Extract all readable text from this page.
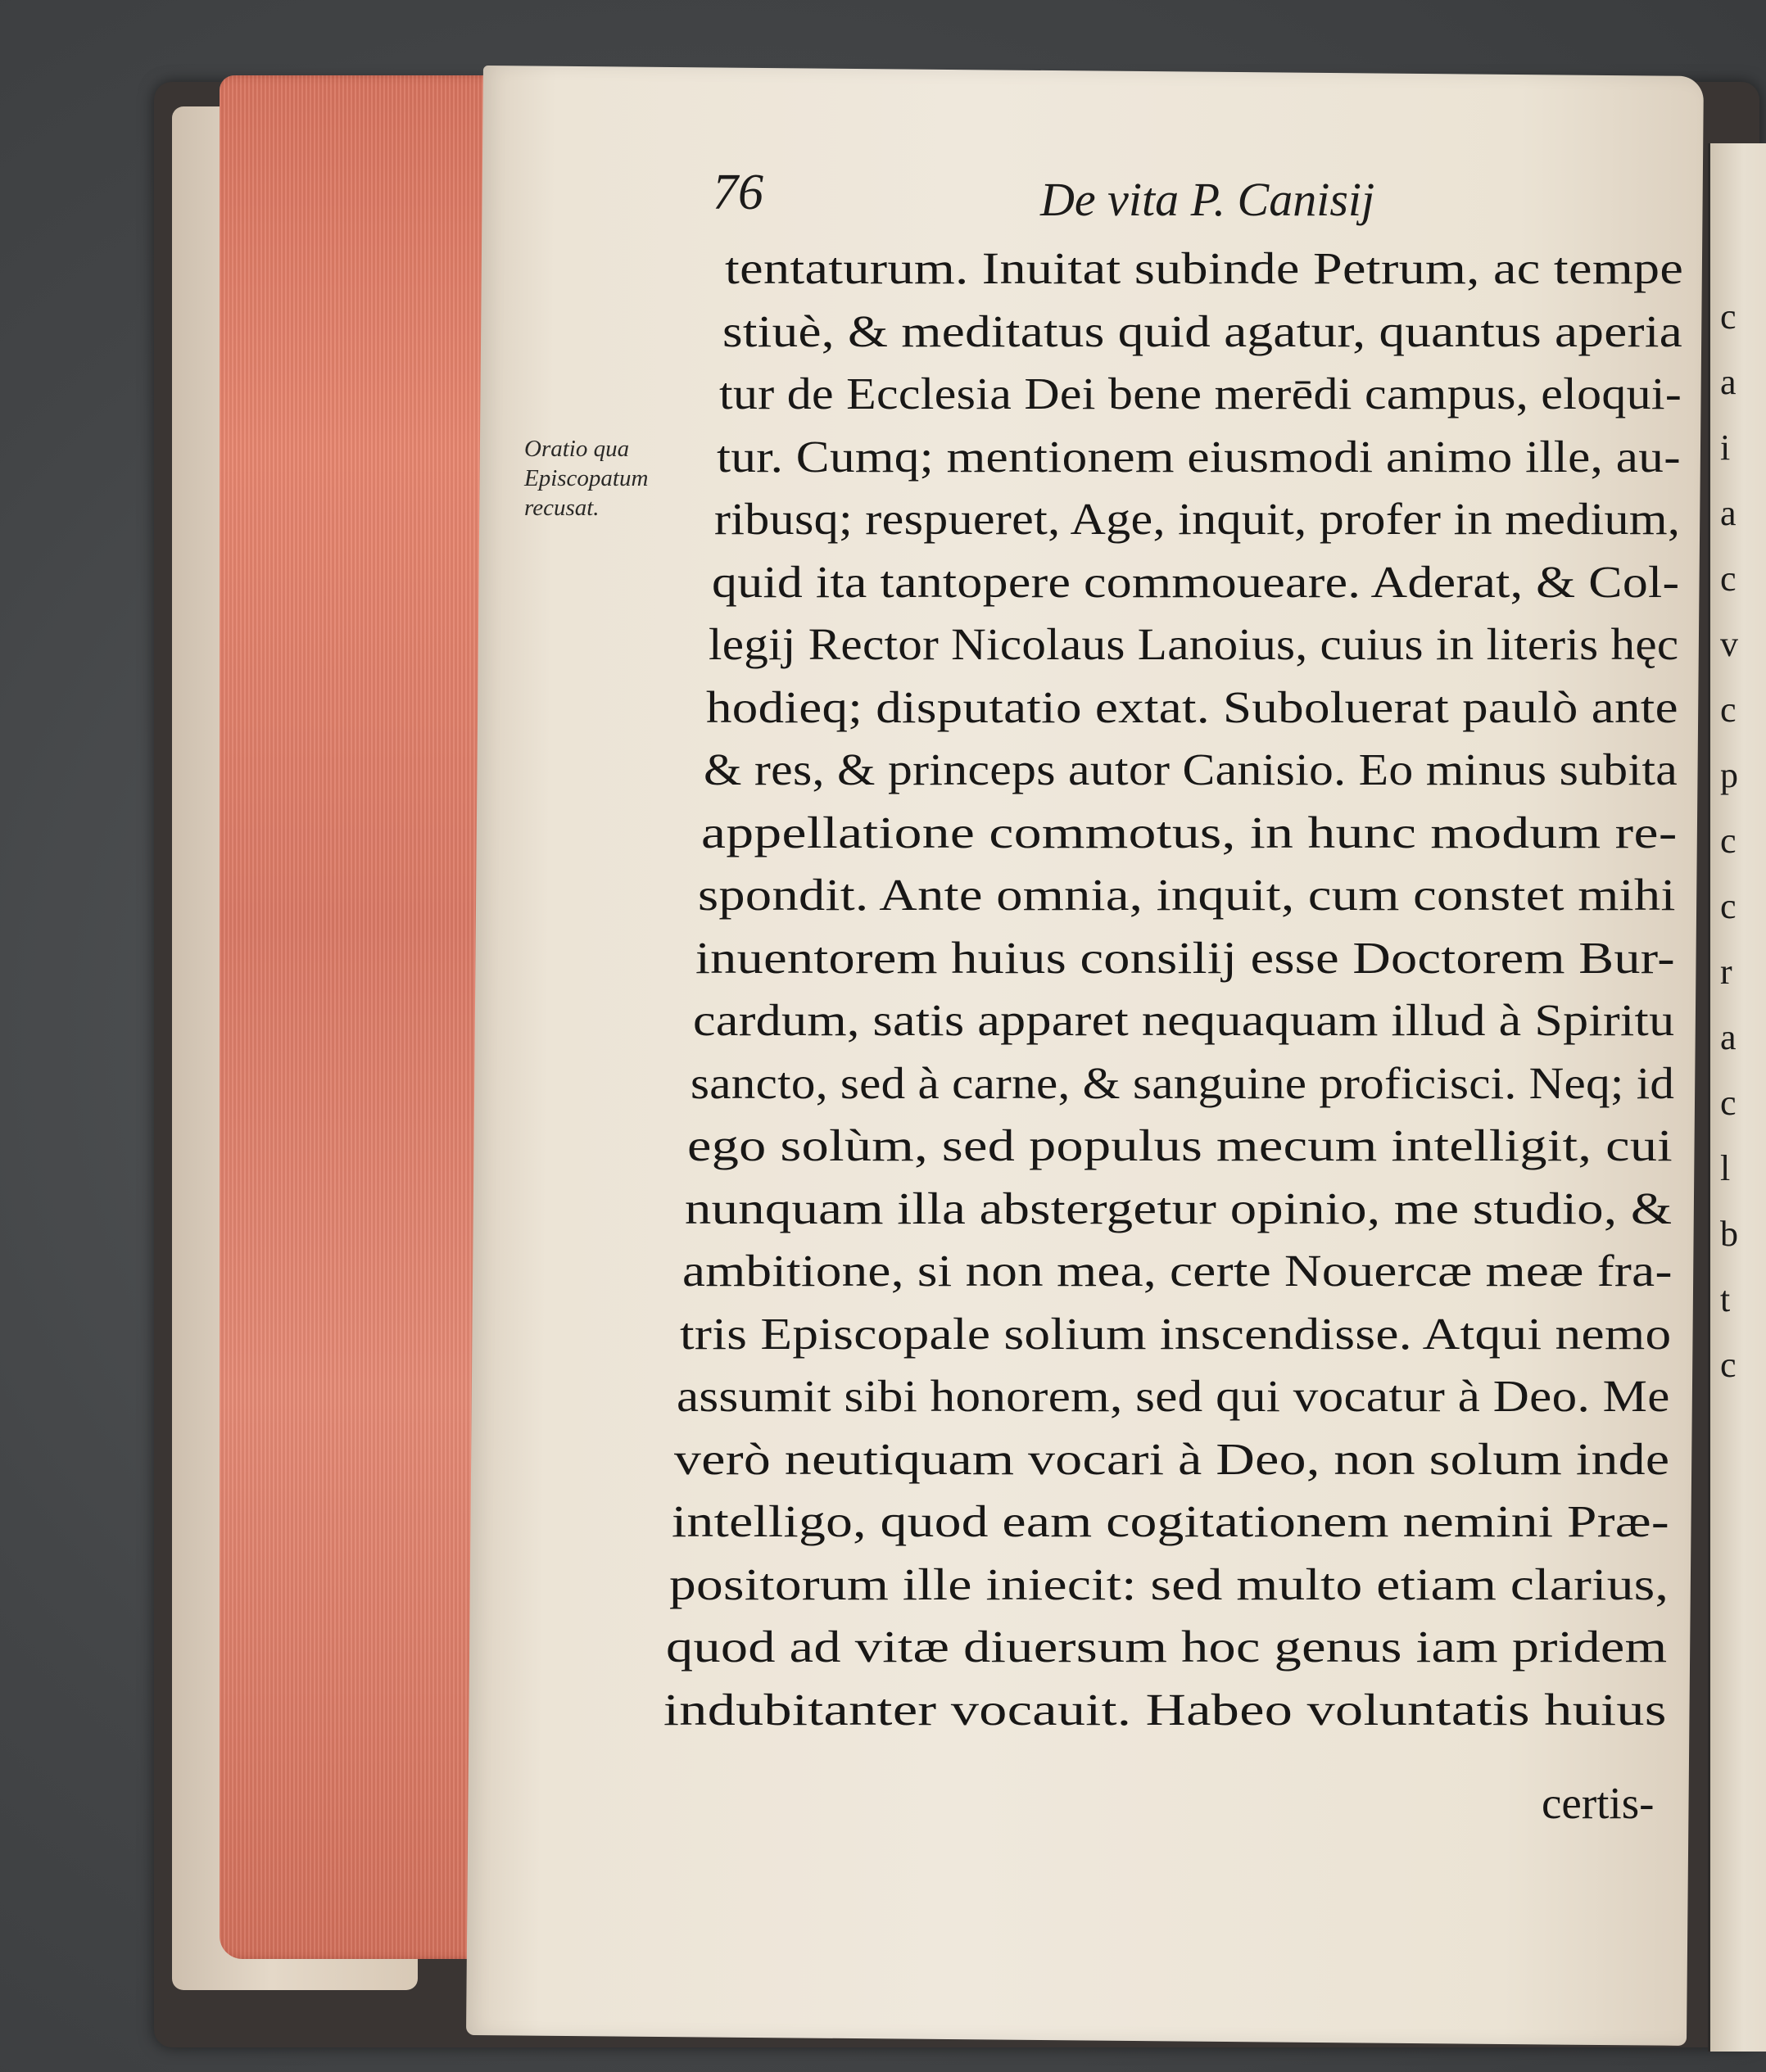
c
a
i
a
c
v
c
p
c
c
r
a
c
l
b
t
c
76	De vita P. Canisij
Oratio qua
Episcopatum
recusat.
tentaturum. Inuitat subinde Petrum, ac tempe
stiuè, & meditatus quid agatur, quantus aperia
tur de Ecclesia Dei bene merēdi campus, eloqui-
tur. Cumq; mentionem eiusmodi animo ille, au-
ribusq; respueret, Age, inquit, profer in medium,
quid ita tantopere commoueare. Aderat, & Col-
legij Rector Nicolaus Lanoius, cuius in literis hęc
hodieq; disputatio extat. Suboluerat paulò ante
& res, & princeps autor Canisio. Eo minus subita
appellatione commotus, in hunc modum re-
spondit. Ante omnia, inquit, cum constet mihi
inuentorem huius consilij esse Doctorem Bur-
cardum, satis apparet nequaquam illud à Spiritu
sancto, sed à carne, & sanguine proficisci. Neq; id
ego solùm, sed populus mecum intelligit, cui
nunquam illa abstergetur opinio, me studio, &
ambitione, si non mea, certe Nouercæ meæ fra-
tris Episcopale solium inscendisse. Atqui nemo
assumit sibi honorem, sed qui vocatur à Deo. Me
verò neutiquam vocari à Deo, non solum inde
intelligo, quod eam cogitationem nemini Præ-
positorum ille iniecit: sed multo etiam clarius,
quod ad vitæ diuersum hoc genus iam pridem
indubitanter vocauit. Habeo voluntatis huius
certis-
